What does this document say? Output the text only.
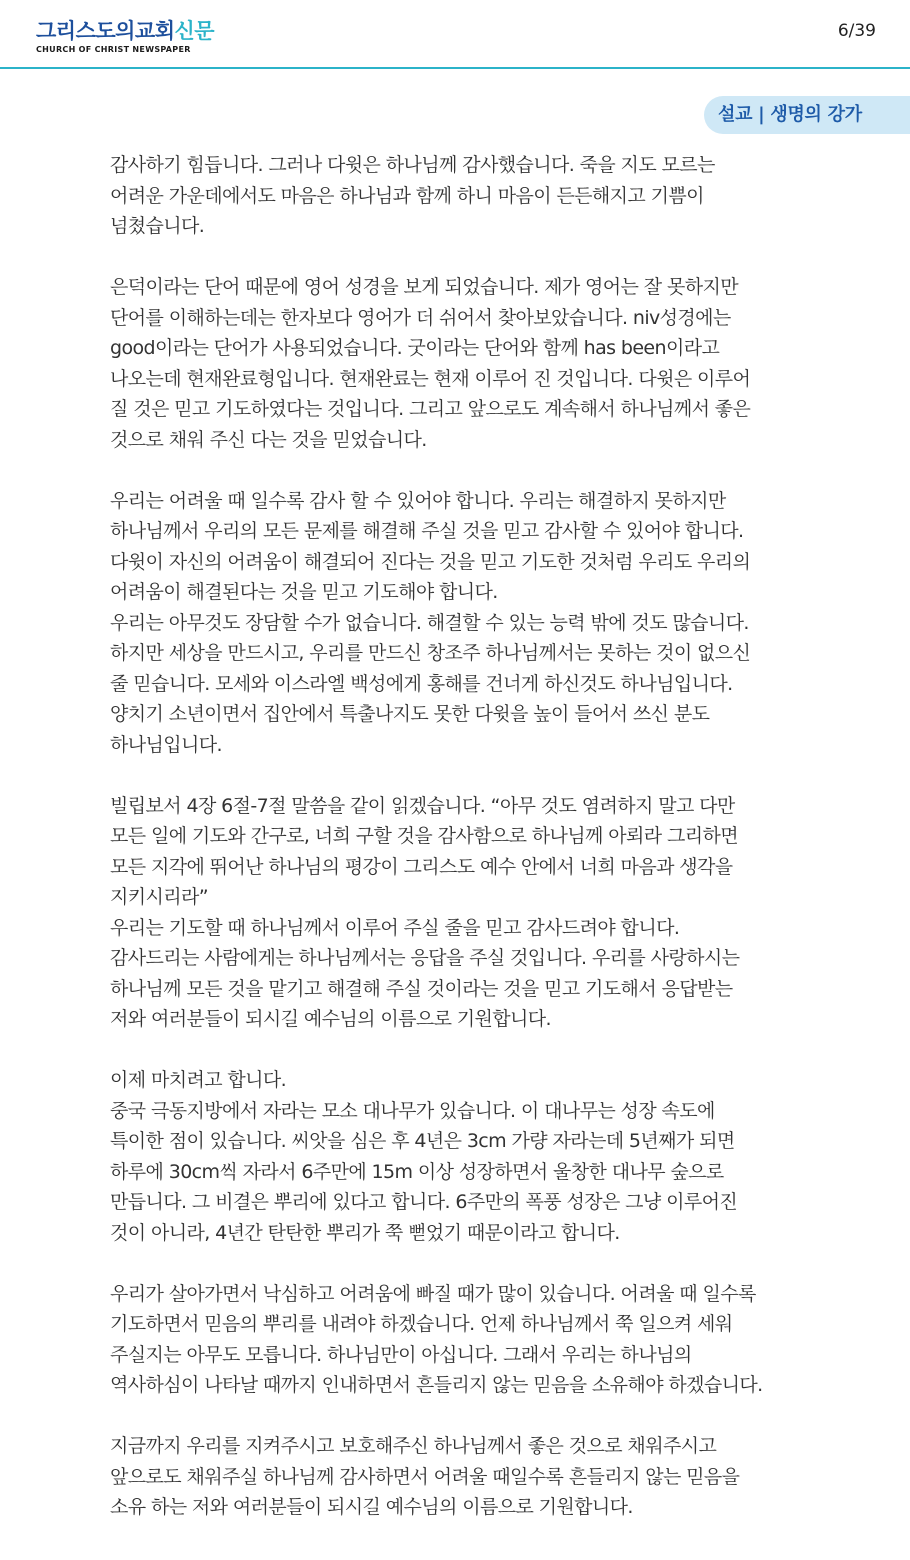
그리스도의교회신문
CHURCH OF CHRIST NEWSPAPER
6/39
설교 | 생명의 강가
감사하기 힘듭니다. 그러나 다윗은 하나님께 감사했습니다. 죽을 지도 모르는
어려운 가운데에서도 마음은 하나님과 함께 하니 마음이 든든해지고 기쁨이
넘쳤습니다.
은덕이라는 단어 때문에 영어 성경을 보게 되었습니다. 제가 영어는 잘 못하지만
단어를 이해하는데는 한자보다 영어가 더 쉬어서 찾아보았습니다. niv성경에는
good이라는 단어가 사용되었습니다. 굿이라는 단어와 함께 has been이라고
나오는데 현재완료형입니다. 현재완료는 현재 이루어 진 것입니다. 다윗은 이루어
질 것은 믿고 기도하였다는 것입니다. 그리고 앞으로도 계속해서 하나님께서 좋은
것으로 채워 주신 다는 것을 믿었습니다.
우리는 어려울 때 일수록 감사 할 수 있어야 합니다. 우리는 해결하지 못하지만
하나님께서 우리의 모든 문제를 해결해 주실 것을 믿고 감사할 수 있어야 합니다.
다윗이 자신의 어려움이 해결되어 진다는 것을 믿고 기도한 것처럼 우리도 우리의
어려움이 해결된다는 것을 믿고 기도해야 합니다.
우리는 아무것도 장담할 수가 없습니다. 해결할 수 있는 능력 밖에 것도 많습니다.
하지만 세상을 만드시고, 우리를 만드신 창조주 하나님께서는 못하는 것이 없으신
줄 믿습니다. 모세와 이스라엘 백성에게 홍해를 건너게 하신것도 하나님입니다.
양치기 소년이면서 집안에서 특출나지도 못한 다윗을 높이 들어서 쓰신 분도
하나님입니다.
빌립보서 4장 6절-7절 말씀을 같이 읽겠습니다. “아무 것도 염려하지 말고 다만
모든 일에 기도와 간구로, 너희 구할 것을 감사함으로 하나님께 아뢰라 그리하면
모든 지각에 뛰어난 하나님의 평강이 그리스도 예수 안에서 너희 마음과 생각을
지키시리라”
우리는 기도할 때 하나님께서 이루어 주실 줄을 믿고 감사드려야 합니다.
감사드리는 사람에게는 하나님께서는 응답을 주실 것입니다. 우리를 사랑하시는
하나님께 모든 것을 맡기고 해결해 주실 것이라는 것을 믿고 기도해서 응답받는
저와 여러분들이 되시길 예수님의 이름으로 기원합니다.
이제 마치려고 합니다.
중국 극동지방에서 자라는 모소 대나무가 있습니다. 이 대나무는 성장 속도에
특이한 점이 있습니다. 씨앗을 심은 후 4년은 3cm 가량 자라는데 5년째가 되면
하루에 30cm씩 자라서 6주만에 15m 이상 성장하면서 울창한 대나무 숲으로
만듭니다. 그 비결은 뿌리에 있다고 합니다. 6주만의 폭풍 성장은 그냥 이루어진
것이 아니라, 4년간 탄탄한 뿌리가 쭉 뻗었기 때문이라고 합니다.
우리가 살아가면서 낙심하고 어려움에 빠질 때가 많이 있습니다. 어려울 때 일수록
기도하면서 믿음의 뿌리를 내려야 하겠습니다. 언제 하나님께서 쭉 일으켜 세워
주실지는 아무도 모릅니다. 하나님만이 아십니다. 그래서 우리는 하나님의
역사하심이 나타날 때까지 인내하면서 흔들리지 않는 믿음을 소유해야 하겠습니다.
지금까지 우리를 지켜주시고 보호해주신 하나님께서 좋은 것으로 채워주시고
앞으로도 채워주실 하나님께 감사하면서 어려울 때일수록 흔들리지 않는 믿음을
소유 하는 저와 여러분들이 되시길 예수님의 이름으로 기원합니다.
